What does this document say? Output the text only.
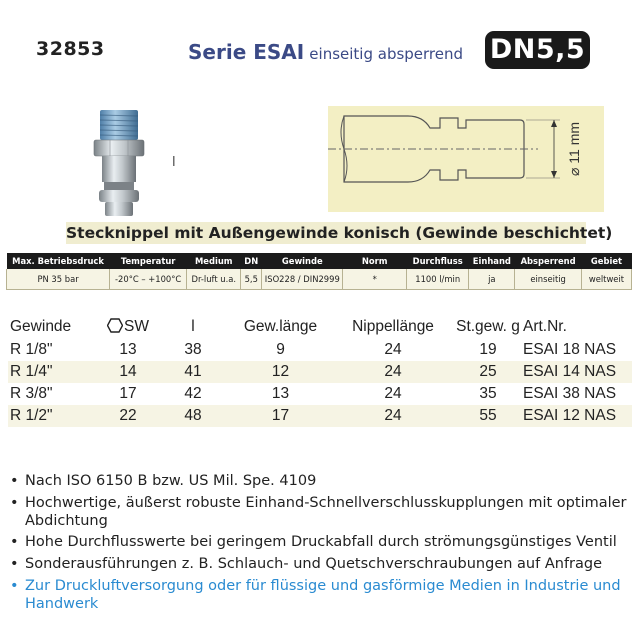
32853	Serie ESAI einseitig absperrend DN5,5
l	⌀ 11 mm
Stecknippel mit Außengewinde konisch (Gewinde beschichtet)
Max. Betriebsdruck	Temperatur	Medium	DN	Gewinde	Norm	Durchfluss	Einhand	Absperrend	Gebiet
PN 35 bar	-20°C – +100°C	Dr-luft u.a.	5,5	ISO228 / DIN2999	*	1100 l/min	ja	einseitig	weltweit
Gewinde	SW	l	Gew.länge	Nippellänge	St.gew. g	Art.Nr.
R 1/8"	13	38	9	24	19	ESAI 18 NAS
R 1/4"	14	41	12	24	25	ESAI 14 NAS
R 3/8"	17	42	13	24	35	ESAI 38 NAS
R 1/2"	22	48	17	24	55	ESAI 12 NAS
• Nach ISO 6150 B bzw. US Mil. Spe. 4109
• Hochwertige, äußerst robuste Einhand-Schnellverschlusskupplungen mit optimaler Abdichtung
• Hohe Durchflusswerte bei geringem Druckabfall durch strömungsgünstiges Ventil
• Sonderausführungen z. B. Schlauch- und Quetschverschraubungen auf Anfrage
• Zur Druckluftversorgung oder für flüssige und gasförmige Medien in Industrie und Handwerk
